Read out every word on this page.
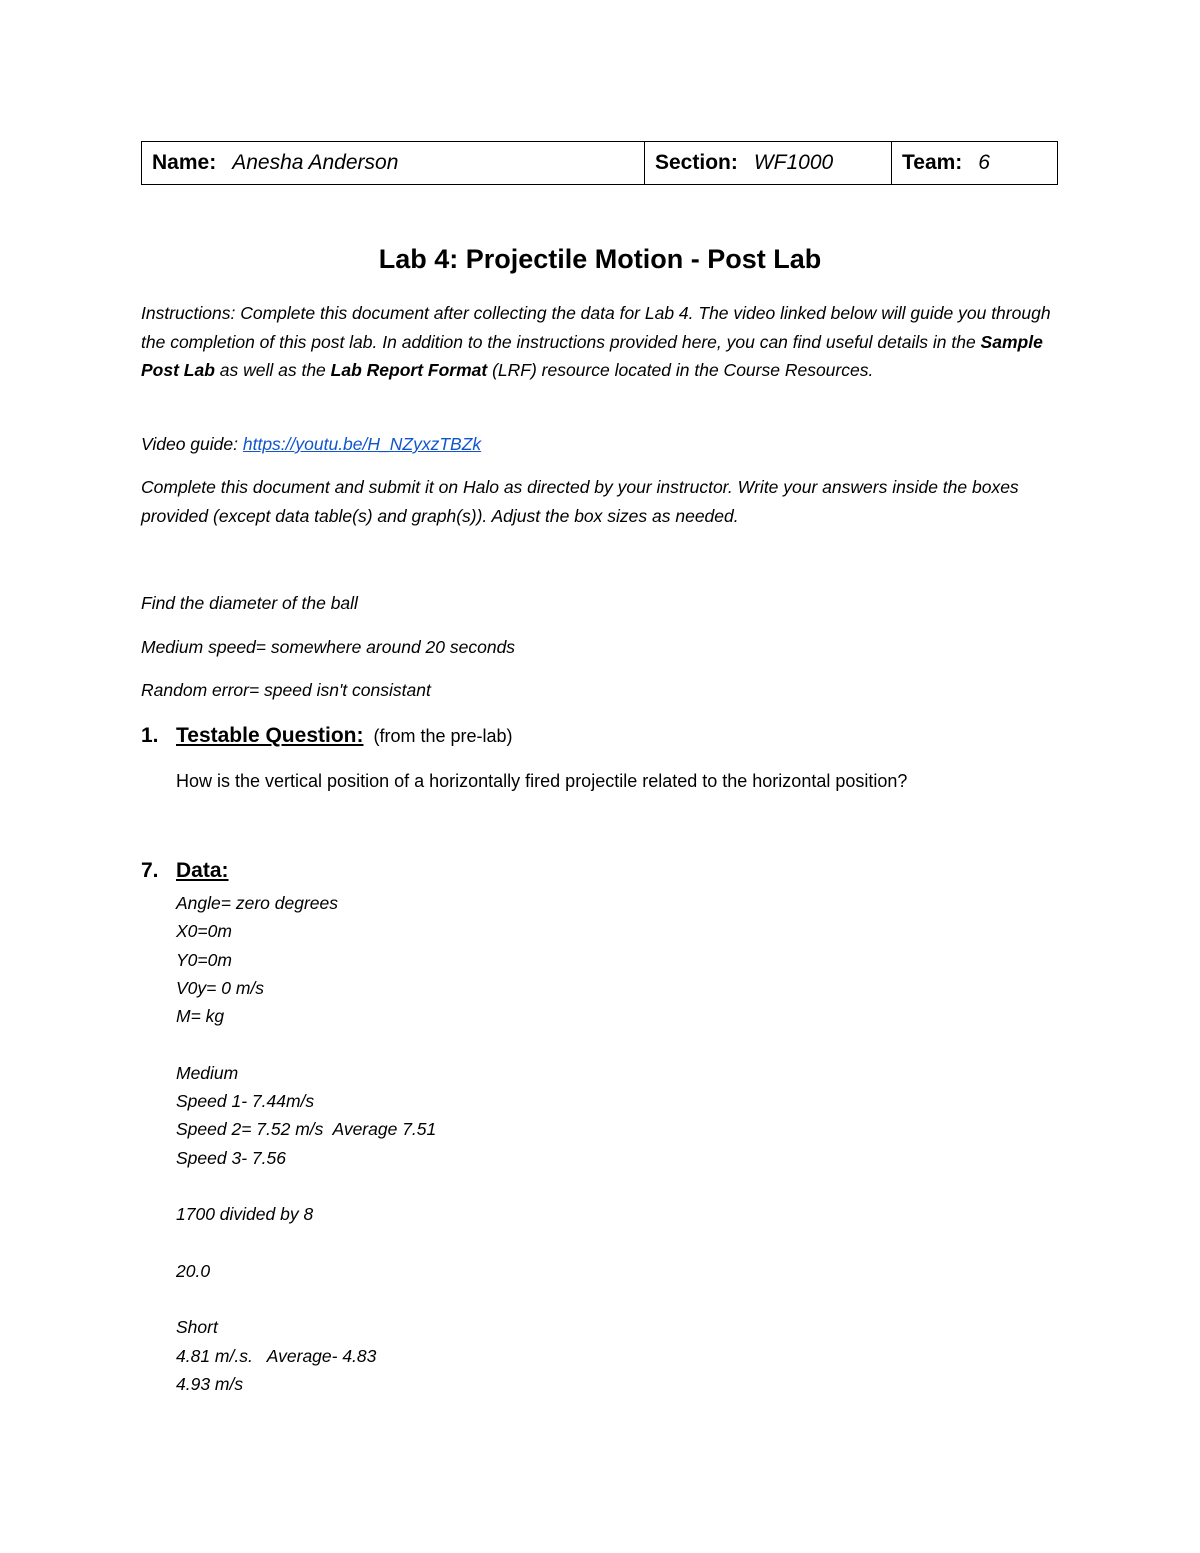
Name: Anesha Anderson	Section: WF1000	Team: 6
Lab 4: Projectile Motion - Post Lab
Instructions: Complete this document after collecting the data for Lab 4. The video linked below will guide you through the completion of this post lab. In addition to the instructions provided here, you can find useful details in the Sample Post Lab as well as the Lab Report Format (LRF) resource located in the Course Resources.
Video guide: https://youtu.be/H_NZyxzTBZk
Complete this document and submit it on Halo as directed by your instructor. Write your answers inside the boxes provided (except data table(s) and graph(s)). Adjust the box sizes as needed.
Find the diameter of the ball
Medium speed= somewhere around 20 seconds
Random error= speed isn't consistant
1. Testable Question: (from the pre-lab)
How is the vertical position of a horizontally fired projectile related to the horizontal position?
7. Data:
Angle= zero degrees
X0=0m
Y0=0m
V0y= 0 m/s
M= kg
Medium
Speed 1- 7.44m/s
Speed 2= 7.52 m/s  Average 7.51
Speed 3- 7.56
1700 divided by 8
20.0
Short
4.81 m/.s.   Average- 4.83
4.93 m/s
